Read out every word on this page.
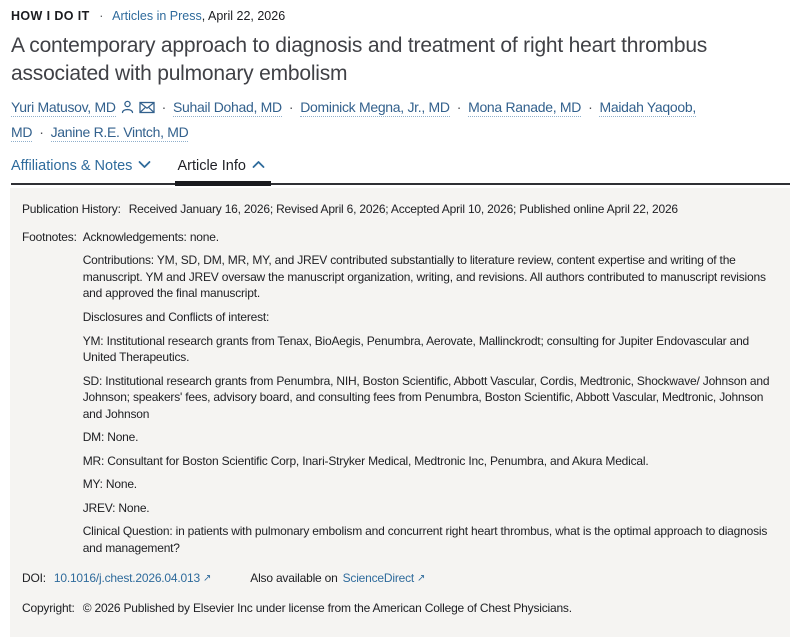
HOW I DO IT · Articles in Press, April 22, 2026
A contemporary approach to diagnosis and treatment of right heart thrombus associated with pulmonary embolism
Yuri Matusov, MD	· Suhail Dohad, MD · Dominick Megna, Jr., MD · Mona Ranade, MD · Maidah Yaqoob, MD · Janine R.E. Vintch, MD
Affiliations & Notes	Article Info
Publication History: Received January 16, 2026; Revised April 6, 2026; Accepted April 10, 2026; Published online April 22, 2026
Footnotes: Acknowledgements: none.
Contributions: YM, SD, DM, MR, MY, and JREV contributed substantially to literature review, content expertise and writing of the manuscript. YM and JREV oversaw the manuscript organization, writing, and revisions. All authors contributed to manuscript revisions and approved the final manuscript.
Disclosures and Conflicts of interest:
YM: Institutional research grants from Tenax, BioAegis, Penumbra, Aerovate, Mallinckrodt; consulting for Jupiter Endovascular and United Therapeutics.
SD: Institutional research grants from Penumbra, NIH, Boston Scientific, Abbott Vascular, Cordis, Medtronic, Shockwave/ Johnson and Johnson; speakers' fees, advisory board, and consulting fees from Penumbra, Boston Scientific, Abbott Vascular, Medtronic, Johnson and Johnson
DM: None.
MR: Consultant for Boston Scientific Corp, Inari-Stryker Medical, Medtronic Inc, Penumbra, and Akura Medical.
MY: None.
JREV: None.
Clinical Question: in patients with pulmonary embolism and concurrent right heart thrombus, what is the optimal approach to diagnosis and management?
DOI: 10.1016/j.chest.2026.04.013 ↗	Also available on ScienceDirect ↗
Copyright: © 2026 Published by Elsevier Inc under license from the American College of Chest Physicians.
